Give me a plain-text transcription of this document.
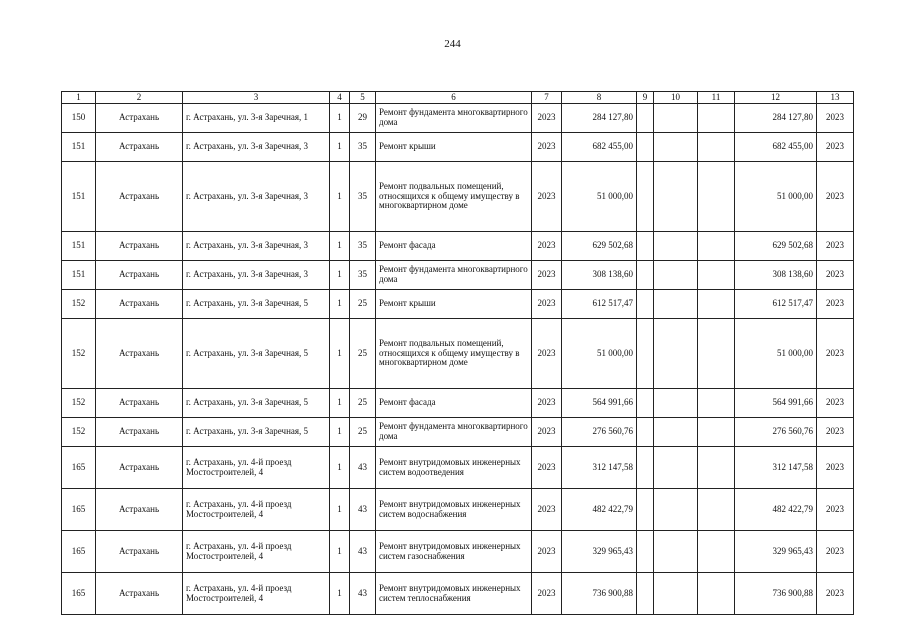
244
1	2	3	4	5	6	7	8	9	10	11	12	13
150	Астрахань	г. Астрахань, ул. 3-я Заречная, 1	1	29	Ремонт фундамента многоквартирного дома	2023	284 127,80				284 127,80	2023
151	Астрахань	г. Астрахань, ул. 3-я Заречная, 3	1	35	Ремонт крыши	2023	682 455,00				682 455,00	2023
151	Астрахань	г. Астрахань, ул. 3-я Заречная, 3	1	35	Ремонт подвальных помещений, относящихся к общему имуществу в многоквартирном доме	2023	51 000,00				51 000,00	2023
151	Астрахань	г. Астрахань, ул. 3-я Заречная, 3	1	35	Ремонт фасада	2023	629 502,68				629 502,68	2023
151	Астрахань	г. Астрахань, ул. 3-я Заречная, 3	1	35	Ремонт фундамента многоквартирного дома	2023	308 138,60				308 138,60	2023
152	Астрахань	г. Астрахань, ул. 3-я Заречная, 5	1	25	Ремонт крыши	2023	612 517,47				612 517,47	2023
152	Астрахань	г. Астрахань, ул. 3-я Заречная, 5	1	25	Ремонт подвальных помещений, относящихся к общему имуществу в многоквартирном доме	2023	51 000,00				51 000,00	2023
152	Астрахань	г. Астрахань, ул. 3-я Заречная, 5	1	25	Ремонт фасада	2023	564 991,66				564 991,66	2023
152	Астрахань	г. Астрахань, ул. 3-я Заречная, 5	1	25	Ремонт фундамента многоквартирного дома	2023	276 560,76				276 560,76	2023
165	Астрахань	г. Астрахань, ул. 4-й проезд Мостостроителей, 4	1	43	Ремонт внутридомовых инженерных систем водоотведения	2023	312 147,58				312 147,58	2023
165	Астрахань	г. Астрахань, ул. 4-й проезд Мостостроителей, 4	1	43	Ремонт внутридомовых инженерных систем водоснабжения	2023	482 422,79				482 422,79	2023
165	Астрахань	г. Астрахань, ул. 4-й проезд Мостостроителей, 4	1	43	Ремонт внутридомовых инженерных систем газоснабжения	2023	329 965,43				329 965,43	2023
165	Астрахань	г. Астрахань, ул. 4-й проезд Мостостроителей, 4	1	43	Ремонт внутридомовых инженерных систем теплоснабжения	2023	736 900,88				736 900,88	2023
